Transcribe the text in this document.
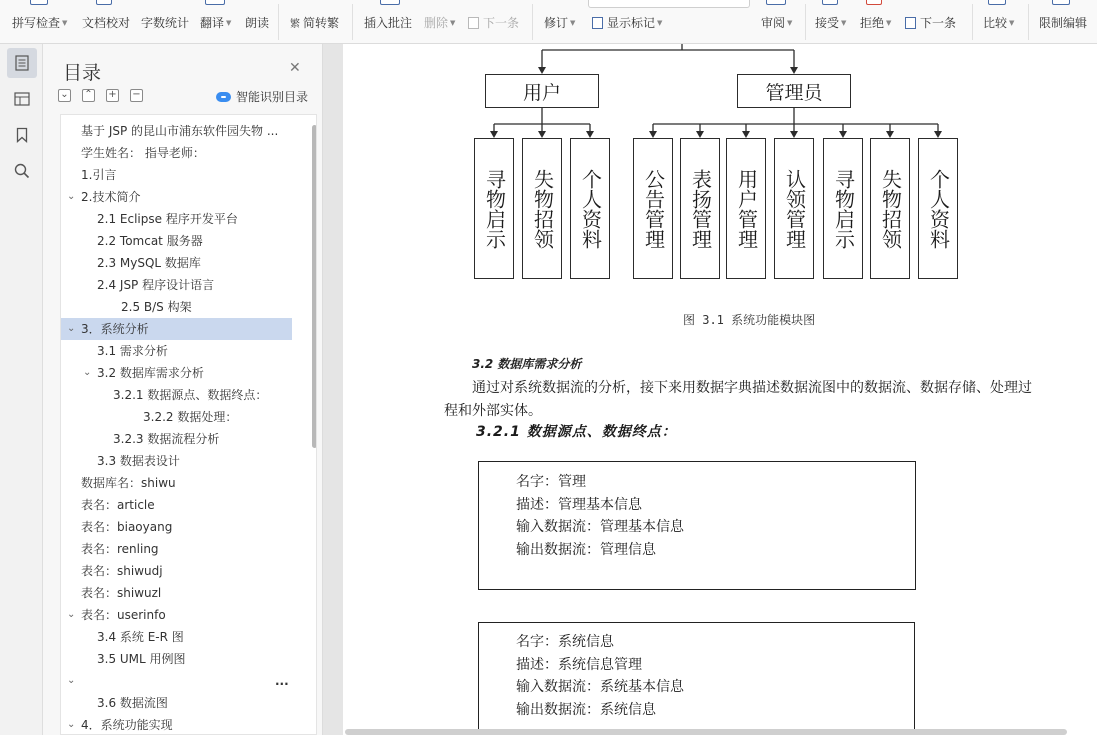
拼写检查 ▼ 文档校对 字数统计 翻译 ▼ 朗读 繁 简转繁 插入批注 删除 ▼ 下一条 修订 ▼	显示标记 ▼	审阅 ▼ 接受 ▼ 拒绝 ▼ 下一条 比较 ▼ 限制编辑
目录	✕
⌄ ⌃ + −	智能识别目录
基于 JSP 的昆山市浦东软件园失物 ...
学生姓名： 指导老师：
1.引言
⌄ 2.技术简介
2.1 Eclipse 程序开发平台
2.2 Tomcat 服务器
2.3 MySQL 数据库
2.4 JSP 程序设计语言
2.5 B/S 构架
3．系统分析
⌄
3.1 需求分析
⌄ 3.2 数据库需求分析
3.2.1 数据源点、数据终点：
3.2.2 数据处理：
3.2.3 数据流程分析
3.3 数据表设计
数据库名：shiwu
表名：article
表名：biaoyang
表名：renling
表名：shiwudj
表名：shiwuzl
⌄ 表名：userinfo
3.4 系统 E-R 图
3.5 UML 用例图
⌄	...
3.6 数据流图
⌄ 4．系统功能实现
用户	管理员
寻物启示	失物招领	个人资料	公告管理	表扬管理	用户管理	认领管理	寻物启示	失物招领	个人资料
图 3.1 系统功能模块图
3.2 数据库需求分析
通过对系统数据流的分析，接下来用数据字典描述数据流图中的数据流、数据存储、处理过
程和外部实体。
3.2.1 数据源点、数据终点：
名字：管理
描述：管理基本信息
输入数据流：管理基本信息
输出数据流：管理信息
名字：系统信息
描述：系统信息管理
输入数据流：系统基本信息
输出数据流：系统信息
